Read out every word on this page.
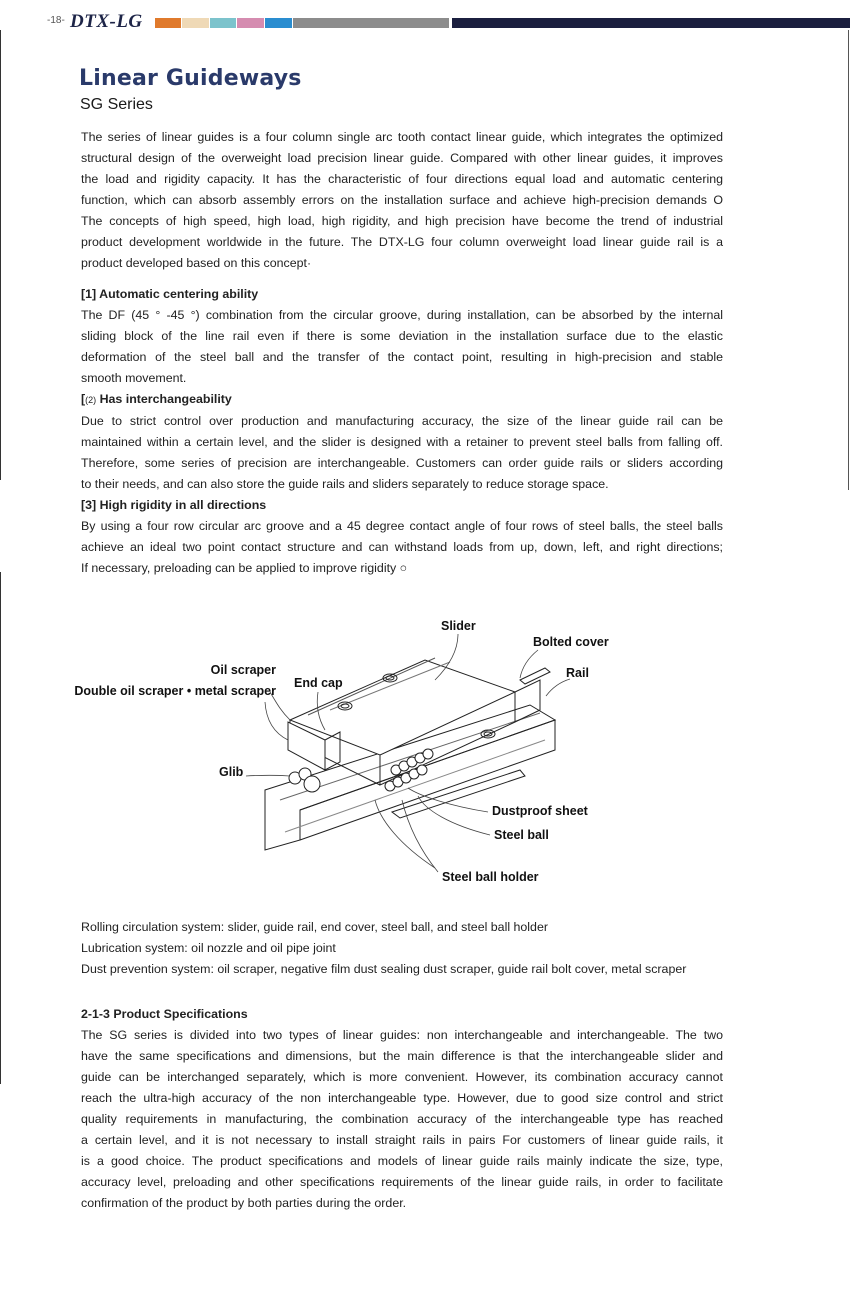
-18- DTX-LG
Linear Guideways
SG Series
The series of linear guides is a four column single arc tooth contact linear guide, which integrates the optimized
structural design of the overweight load precision linear guide. Compared with other linear guides, it improves
the load and rigidity capacity. It has the characteristic of four directions equal load and automatic centering
function, which can absorb assembly errors on the installation surface and achieve high-precision demands O
The concepts of high speed, high load, high rigidity, and high precision have become the trend of industrial
product development worldwide in the future. The DTX-LG four column overweight load linear guide rail is a
product developed based on this concept·
[1] Automatic centering ability
The DF (45 ° -45 °) combination from the circular groove, during installation, can be absorbed by the internal
sliding block of the line rail even if there is some deviation in the installation surface due to the elastic
deformation of the steel ball and the transfer of the contact point, resulting in high-precision and stable
smooth movement.
[(2) Has interchangeability
Due to strict control over production and manufacturing accuracy, the size of the linear guide rail can be
maintained within a certain level, and the slider is designed with a retainer to prevent steel balls from falling off.
Therefore, some series of precision are interchangeable. Customers can order guide rails or sliders according
to their needs, and can also store the guide rails and sliders separately to reduce storage space.
[3] High rigidity in all directions
By using a four row circular arc groove and a 45 degree contact angle of four rows of steel balls, the steel balls
achieve an ideal two point contact structure and can withstand loads from up, down, left, and right directions;
If necessary, preloading can be applied to improve rigidity ○
Slider
Bolted cover
Rail
Oil scraper
Double oil scraper • metal scraper
End cap
Glib
Dustproof sheet
Steel ball
Steel ball holder
Rolling circulation system: slider, guide rail, end cover, steel ball, and steel ball holder
Lubrication system: oil nozzle and oil pipe joint
Dust prevention system: oil scraper, negative film dust sealing dust scraper, guide rail bolt cover, metal scraper
2-1-3 Product Specifications
The SG series is divided into two types of linear guides: non interchangeable and interchangeable. The two
have the same specifications and dimensions, but the main difference is that the interchangeable slider and
guide can be interchanged separately, which is more convenient. However, its combination accuracy cannot
reach the ultra-high accuracy of the non interchangeable type. However, due to good size control and strict
quality requirements in manufacturing, the combination accuracy of the interchangeable type has reached
a certain level, and it is not necessary to install straight rails in pairs For customers of linear guide rails, it
is a good choice. The product specifications and models of linear guide rails mainly indicate the size, type,
accuracy level, preloading and other specifications requirements of the linear guide rails, in order to facilitate
confirmation of the product by both parties during the order.
